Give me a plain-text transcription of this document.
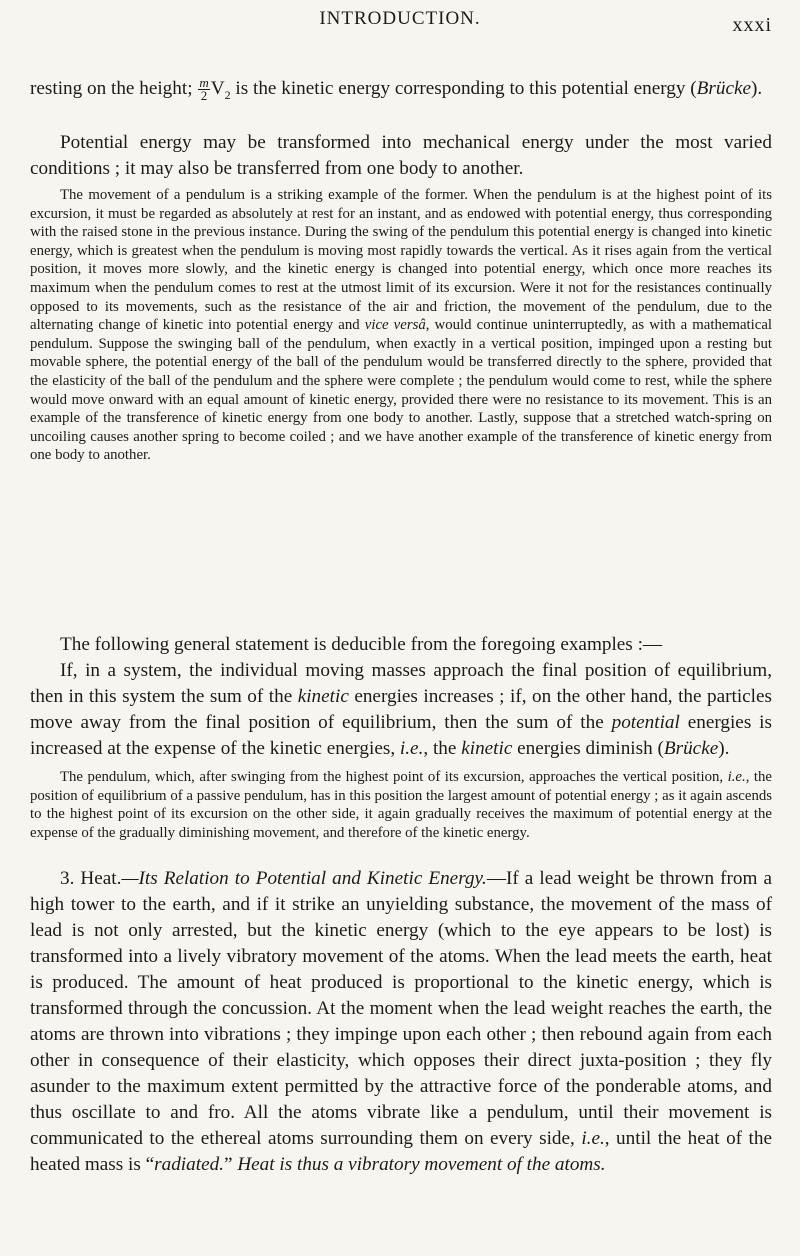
INTRODUCTION.	xxxi
resting on the height; $\frac{m}{2} V_2$ is the kinetic energy corresponding to this potential energy (Brücke).

Potential energy may be transformed into mechanical energy under the most varied conditions ; it may also be transferred from one body to another.

The movement of a pendulum is a striking example of the former. When the pendulum is at the highest point of its excursion, it must be regarded as absolutely at rest for an instant, and as endowed with potential energy, thus corresponding with the raised stone in the previous instance. During the swing of the pendulum this potential energy is changed into kinetic energy, which is greatest when the pendulum is moving most rapidly towards the vertical. As it rises again from the vertical position, it moves more slowly, and the kinetic energy is changed into potential energy, which once more reaches its maximum when the pendulum comes to rest at the utmost limit of its excursion. Were it not for the resistances continually opposed to its movements, such as the resistance of the air and friction, the movement of the pendulum, due to the alternating change of kinetic into potential energy and vice versâ, would continue uninterruptedly, as with a mathematical pendulum. Suppose the swinging ball of the pendulum, when exactly in a vertical position, impinged upon a resting but movable sphere, the potential energy of the ball of the pendulum would be transferred directly to the sphere, provided that the elasticity of the ball of the pendulum and the sphere were complete ; the pendulum would come to rest, while the sphere would move onward with an equal amount of kinetic energy, provided there were no resistance to its movement. This is an example of the transference of kinetic energy from one body to another. Lastly, suppose that a stretched watch-spring on uncoiling causes another spring to become coiled ; and we have another example of the transference of kinetic energy from one body to another.

The following general statement is deducible from the foregoing examples :—

If, in a system, the individual moving masses approach the final position of equilibrium, then in this system the sum of the kinetic energies increases ; if, on the other hand, the particles move away from the final position of equilibrium, then the sum of the potential energies is increased at the expense of the kinetic energies, i.e., the kinetic energies diminish (Brücke).

The pendulum, which, after swinging from the highest point of its excursion, approaches the vertical position, i.e., the position of equilibrium of a passive pendulum, has in this position the largest amount of potential energy ; as it again ascends to the highest point of its excursion on the other side, it again gradually receives the maximum of potential energy at the expense of the gradually diminishing movement, and therefore of the kinetic energy.

3. Heat.—Its Relation to Potential and Kinetic Energy.—If a lead weight be thrown from a high tower to the earth, and if it strike an unyielding substance, the movement of the mass of lead is not only arrested, but the kinetic energy (which to the eye appears to be lost) is transformed into a lively vibratory movement of the atoms. When the lead meets the earth, heat is produced. The amount of heat produced is proportional to the kinetic energy, which is transformed through the concussion. At the moment when the lead weight reaches the earth, the atoms are thrown into vibrations ; they impinge upon each other ; then rebound again from each other in consequence of their elasticity, which opposes their direct juxta-position ; they fly asunder to the maximum extent permitted by the attractive force of the ponderable atoms, and thus oscillate to and fro. All the atoms vibrate like a pendulum, until their movement is communicated to the ethereal atoms surrounding them on every side, i.e., until the heat of the heated mass is “radiated.” Heat is thus a vibratory movement of the atoms.
